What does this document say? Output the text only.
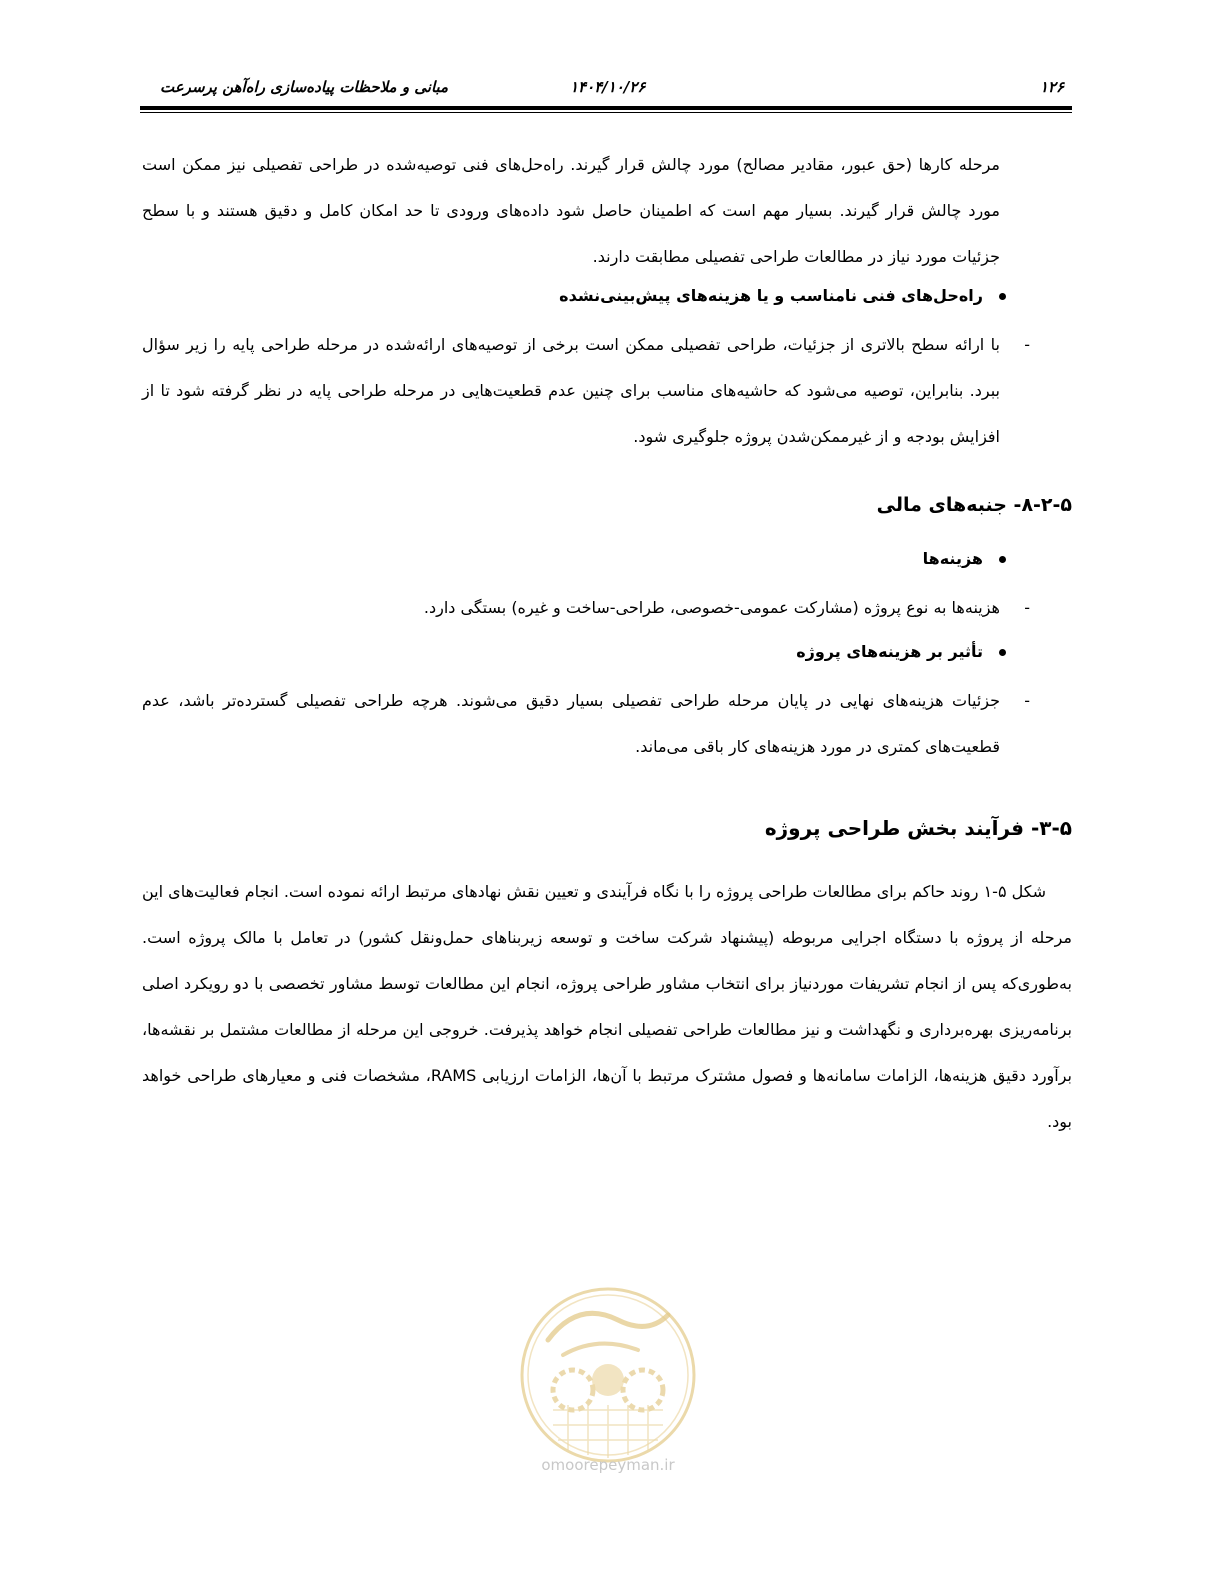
۱۲۶
۱۴۰۴/۱۰/۲۶
مبانی و ملاحظات پیاده‌سازی راه‌آهن پرسرعت
مرحله کارها (حق عبور، مقادیر مصالح) مورد چالش قرار گیرند. راه‌حل‌های فنی توصیه‌شده در طراحی تفصیلی نیز ممکن است مورد چالش قرار گیرند. بسیار مهم است که اطمینان حاصل شود داده‌های ورودی تا حد امکان کامل و دقیق هستند و با سطح جزئیات مورد نیاز در مطالعات طراحی تفصیلی مطابقت دارند.
راه‌حل‌های فنی نامناسب و یا هزینه‌های پیش‌بینی‌نشده
-
با ارائه سطح بالاتری از جزئیات، طراحی تفصیلی ممکن است برخی از توصیه‌های ارائه‌شده در مرحله طراحی پایه را زیر سؤال ببرد. بنابراین، توصیه می‌شود که حاشیه‌های مناسب برای چنین عدم قطعیت‌هایی در مرحله طراحی پایه در نظر گرفته شود تا از افزایش بودجه و از غیرممکن‌شدن پروژه جلوگیری شود.
۸-۲-۵- جنبه‌های مالی
هزینه‌ها
-
هزینه‌ها به نوع پروژه (مشارکت عمومی-خصوصی، طراحی-ساخت و غیره) بستگی دارد.
تأثیر بر هزینه‌های پروژه
-
جزئیات هزینه‌های نهایی در پایان مرحله طراحی تفصیلی بسیار دقیق می‌شوند. هرچه طراحی تفصیلی گسترده‌تر باشد، عدم قطعیت‌های کمتری در مورد هزینه‌های کار باقی می‌ماند.
۳-۵- فرآیند بخش طراحی پروژه
شکل ۵-۱ روند حاکم برای مطالعات طراحی پروژه را با نگاه فرآیندی و تعیین نقش نهادهای مرتبط ارائه نموده است. انجام فعالیت‌های این مرحله از پروژه با دستگاه اجرایی مربوطه (پیشنهاد شرکت ساخت و توسعه زیربناهای حمل‌ونقل کشور) در تعامل با مالک پروژه است. به‌طوری‌که پس از انجام تشریفات موردنیاز برای انتخاب مشاور طراحی پروژه، انجام این مطالعات توسط مشاور تخصصی با دو رویکرد اصلی برنامه‌ریزی بهره‌برداری و نگهداشت و نیز مطالعات طراحی تفصیلی انجام خواهد پذیرفت. خروجی این مرحله از مطالعات مشتمل بر نقشه‌ها، برآورد دقیق هزینه‌ها، الزامات سامانه‌ها و فصول مشترک مرتبط با آن‌ها، الزامات ارزیابی RAMS، مشخصات فنی و معیارهای طراحی خواهد بود.
omoorepeyman.ir
